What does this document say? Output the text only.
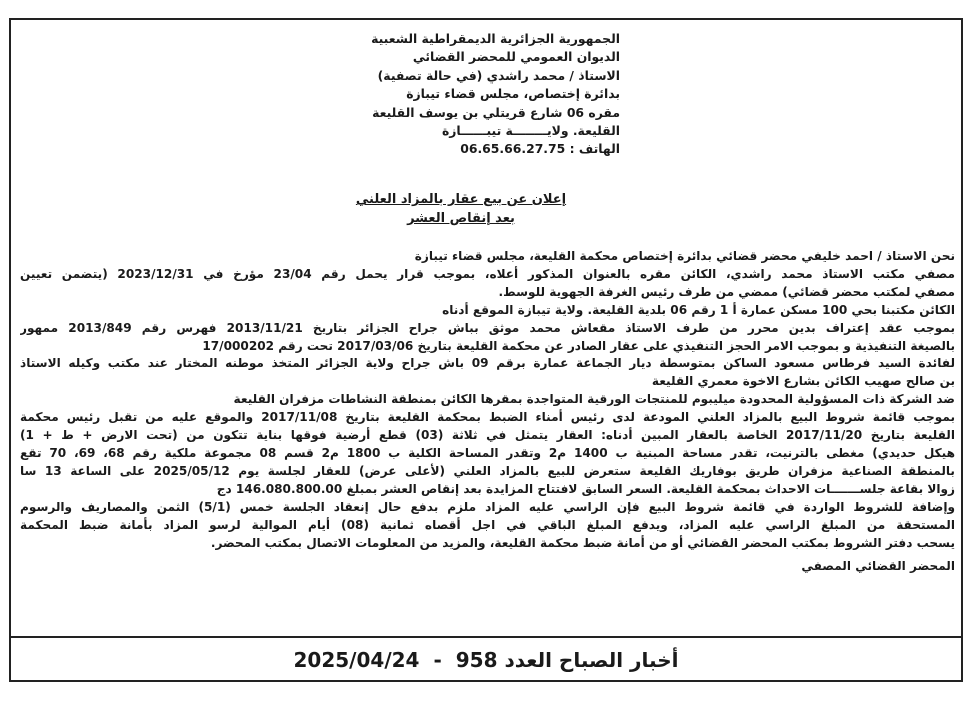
الجمهورية الجزائرية الديمقراطية الشعبية
الديوان العمومي للمحضر القضائي
الاستاذ / محمد راشدي (في حالة تصفية)
بدائرة إختصاص، مجلس قضاء تيبازة
مقره 06 شارع قريتلي بن يوسف القليعة
القليعة. ولايــــــــة تيبــــــازة
الهاتف : 06.65.66.27.75
إعلان عن بيع عقار بالمزاد العلني
بعد إنقاص العشر
نحن الاستاذ / احمد خليفي محضر قضائي بدائرة إختصاص محكمة القليعة، مجلس قضاء تيبازة
مصفي مكتب الاستاذ محمد راشدي، الكائن مقره بالعنوان المذكور أعلاه، بموجب قرار يحمل رقم 23/04 مؤرخ في 2023/12/31 (يتضمن تعيين
مصفي لمكتب محضر قضائي) ممضي من طرف رئيس الغرفة الجهوية للوسط.
الكائن مكتبنا بحي 100 مسكن عمارة أ 1 رقم 06 بلدية القليعة. ولاية تيبازة الموقع أدناه
بموجب عقد إعتراف بدين محرر من طرف الاستاذ مقعاش محمد موثق بباش جراح الجزائر بتاريخ 2013/11/21 فهرس رقم 2013/849 ممهور
بالصيغة التنفيذية و بموجب الامر الحجز التنفيذي على عقار الصادر عن محكمة القليعة بتاريخ 2017/03/06 تحت رقم 17/000202
لفائدة السيد فرطاس مسعود الساكن بمتوسطة ديار الجماعة عمارة برقم 09 باش جراح ولاية الجزائر المتخذ موطنه المختار عند مكتب وكيله الاستاذ
بن صالح صهيب الكائن بشارع الاخوة معمري القليعة
ضد الشركة ذات المسؤولية المحدودة ميليبوم للمنتجات الورقية المتواجدة بمقرها الكائن بمنطقة النشاطات مزفران القليعة
بموجب قائمة شروط البيع بالمزاد العلني المودعة لدى رئيس أمناء الضبط بمحكمة القليعة بتاريخ 2017/11/08 والموقع عليه من تقبل رئيس محكمة
القليعة بتاريخ 2017/11/20 الخاصة بالعقار المبين أدناه: العقار يتمثل في ثلاثة (03) قطع أرضية فوقها بناية تتكون من (تحت الارض + ط + 1)
هيكل حديدي) مغطى بالترنيت، تقدر مساحة المبنية ب 1400 م2 وتقدر المساحة الكلية ب 1800 م2 قسم 08 مجموعة ملكية رقم 68، 69، 70 تقع
بالمنطقة الصناعية مزفران طريق بوفاريك القليعة ستعرض للبيع بالمزاد العلني (لأعلى عرض) للعقار لجلسة يوم 2025/05/12 على الساعة 13 سا
زوالا بقاعة جلســـــــات الاحداث بمحكمة القليعة. السعر السابق لافتتاح المزايدة بعد إنقاص العشر بمبلغ 146.080.800.00 دج
وإضافة للشروط الواردة في قائمة شروط البيع فإن الراسي عليه المزاد ملزم بدفع حال إنعقاد الجلسة خمس (5/1) الثمن والمصاريف والرسوم
المستحقة من المبلغ الراسي عليه المزاد، ويدفع المبلغ الباقي في اجل أقصاه ثمانية (08) أيام الموالية لرسو المزاد بأمانة ضبط المحكمة
يسحب دفتر الشروط بمكتب المحضر القضائي أو من أمانة ضبط محكمة القليعة، والمزيد من المعلومات الاتصال بمكتب المحضر.
المحضر القضائي المصفي
أخبار الصباح العدد 958
-
2025/04/24
